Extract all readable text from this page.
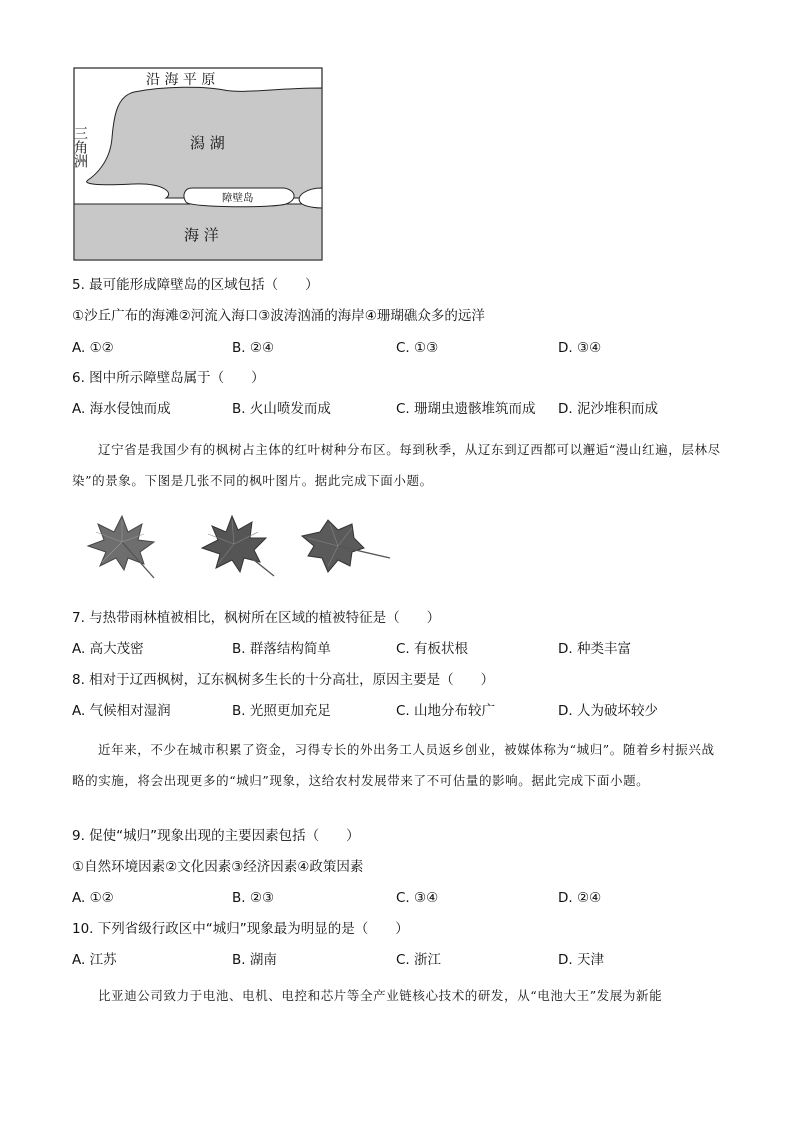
沿 海 平 原
三角洲	潟 湖
障壁岛
海 洋
5. 最可能形成障壁岛的区域包括（　　）
①沙丘广布的海滩②河流入海口③波涛汹涌的海岸④珊瑚礁众多的远洋
A. ①②	B. ②④	C. ①③	D. ③④
6. 图中所示障壁岛属于（　　）
A. 海水侵蚀而成	B. 火山喷发而成	C. 珊瑚虫遗骸堆筑而成 D. 泥沙堆积而成
辽宁省是我国少有的枫树占主体的红叶树种分布区。每到秋季，从辽东到辽西都可以邂逅“漫山红遍，层林尽染”的景象。下图是几张不同的枫叶图片。据此完成下面小题。
7. 与热带雨林植被相比，枫树所在区域的植被特征是（　　）
A. 高大茂密	B. 群落结构简单	C. 有板状根	D. 种类丰富
8. 相对于辽西枫树，辽东枫树多生长的十分高壮，原因主要是（　　）
A. 气候相对湿润	B. 光照更加充足	C. 山地分布较广	D. 人为破坏较少
近年来，不少在城市积累了资金，习得专长的外出务工人员返乡创业，被媒体称为“城归”。随着乡村振兴战略的实施，将会出现更多的“城归”现象，这给农村发展带来了不可估量的影响。据此完成下面小题。
9. 促使“城归”现象出现的主要因素包括（　　）
①自然环境因素②文化因素③经济因素④政策因素
A. ①②	B. ②③	C. ③④	D. ②④
10. 下列省级行政区中“城归”现象最为明显的是（　　）
A. 江苏	B. 湖南	C. 浙江	D. 天津
比亚迪公司致力于电池、电机、电控和芯片等全产业链核心技术的研发，从“电池大王”发展为新能
